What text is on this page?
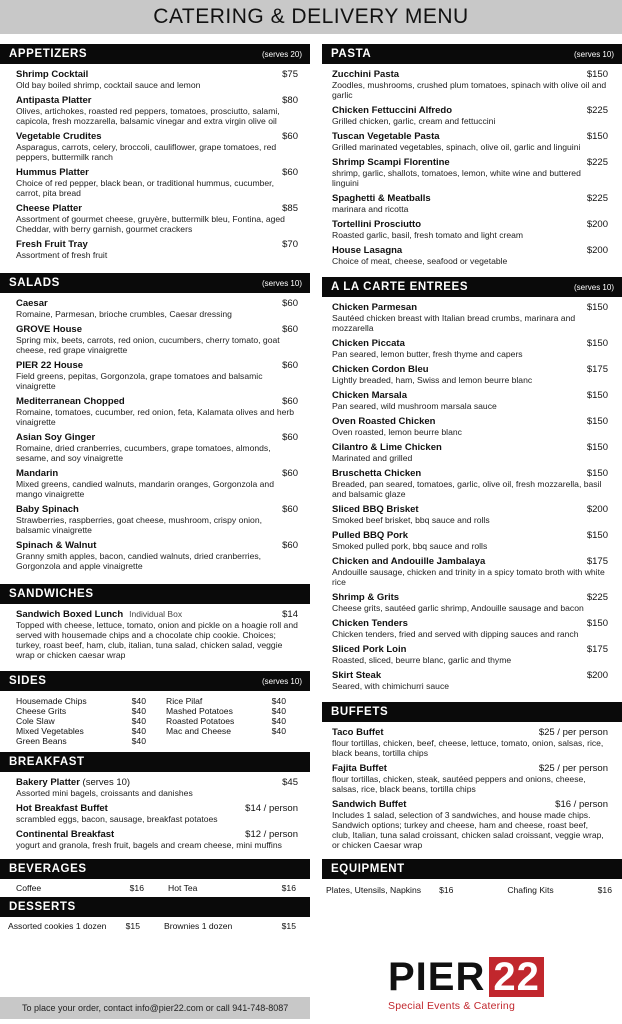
CATERING & DELIVERY MENU
APPETIZERS	(serves 20)
Shrimp Cocktail	$75
Old bay boiled shrimp, cocktail sauce and lemon
Antipasta Platter	$80
Olives, artichokes, roasted red peppers, tomatoes, prosciutto, salami, capicola, fresh mozzarella, balsamic vinegar and extra virgin olive oil
Vegetable Crudites	$60
Asparagus, carrots, celery, broccoli, cauliflower, grape tomatoes, red peppers, buttermilk ranch
Hummus Platter	$60
Choice of red pepper, black bean, or traditional hummus, cucumber, carrot, pita bread
Cheese Platter	$85
Assortment of gourmet cheese, gruyère, buttermilk bleu, Fontina, aged Cheddar, with berry garnish, gourmet crackers
Fresh Fruit Tray	$70
Assortment of fresh fruit
SALADS	(serves 10)
Caesar	$60
Romaine, Parmesan, brioche crumbles, Caesar dressing
GROVE House	$60
Spring mix, beets, carrots, red onion, cucumbers, cherry tomato, goat cheese, red grape vinaigrette
PIER 22 House	$60
Field greens, pepitas, Gorgonzola, grape tomatoes and balsamic vinaigrette
Mediterranean Chopped	$60
Romaine, tomatoes, cucumber, red onion, feta, Kalamata olives and herb vinaigrette
Asian Soy Ginger	$60
Romaine, dried cranberries, cucumbers, grape tomatoes, almonds, sesame, and soy vinaigrette
Mandarin	$60
Mixed greens, candied walnuts, mandarin oranges, Gorgonzola and mango vinaigrette
Baby Spinach	$60
Strawberries, raspberries, goat cheese, mushroom, crispy onion, balsamic vinaigrette
Spinach & Walnut	$60
Granny smith apples, bacon, candied walnuts, dried cranberries, Gorgonzola and apple vinaigrette
SANDWICHES
Sandwich Boxed Lunch Individual Box	$14
Topped with cheese, lettuce, tomato, onion and pickle on a hoagie roll and served with housemade chips and a chocolate chip cookie. Choices; turkey, roast beef, ham, club, italian, tuna salad, chicken salad, veggie wrap or chicken caesar wrap
SIDES	(serves 10)
Housemade Chips	$40
Cheese Grits	$40
Cole Slaw	$40
Mixed Vegetables	$40
Green Beans	$40
Rice Pilaf	$40
Mashed Potatoes	$40
Roasted Potatoes	$40
Mac and Cheese	$40
BREAKFAST
Bakery Platter (serves 10)	$45
Assorted mini bagels, croissants and danishes
Hot Breakfast Buffet	$14 / person
scrambled eggs, bacon, sausage, breakfast potatoes
Continental Breakfast	$12 / person
yogurt and granola, fresh fruit, bagels and cream cheese, mini muffins
BEVERAGES
Coffee	$16	Hot Tea	$16
DESSERTS
Assorted cookies 1 dozen $15	Brownies 1 dozen	$15
PASTA	(serves 10)
Zucchini Pasta	$150
Zoodles, mushrooms, crushed plum tomatoes, spinach with olive oil and garlic
Chicken Fettuccini Alfredo	$225
Grilled chicken, garlic, cream and fettuccini
Tuscan Vegetable Pasta	$150
Grilled marinated vegetables, spinach, olive oil, garlic and linguini
Shrimp Scampi Florentine	$225
shrimp, garlic, shallots, tomatoes, lemon, white wine and buttered linguini
Spaghetti & Meatballs	$225
marinara and ricotta
Tortellini Prosciutto	$200
Roasted garlic, basil, fresh tomato and light cream
House Lasagna	$200
Choice of meat, cheese, seafood or vegetable
A LA CARTE ENTREES	(serves 10)
Chicken Parmesan	$150
Sautéed chicken breast with Italian bread crumbs, marinara and mozzarella
Chicken Piccata	$150
Pan seared, lemon butter, fresh thyme and capers
Chicken Cordon Bleu	$175
Lightly breaded, ham, Swiss and lemon beurre blanc
Chicken Marsala	$150
Pan seared, wild mushroom marsala sauce
Oven Roasted Chicken	$150
Oven roasted, lemon beurre blanc
Cilantro & Lime Chicken	$150
Marinated and grilled
Bruschetta Chicken	$150
Breaded, pan seared, tomatoes, garlic, olive oil, fresh mozzarella, basil and balsamic glaze
Sliced BBQ Brisket	$200
Smoked beef brisket, bbq sauce and rolls
Pulled BBQ Pork	$150
Smoked pulled pork, bbq sauce and rolls
Chicken and Andouille Jambalaya	$175
Andouille sausage, chicken and trinity in a spicy tomato broth with white rice
Shrimp & Grits	$225
Cheese grits, sautéed garlic shrimp, Andouille sausage and bacon
Chicken Tenders	$150
Chicken tenders, fried and served with dipping sauces and ranch
Sliced Pork Loin	$175
Roasted, sliced, beurre blanc, garlic and thyme
Skirt Steak	$200
Seared, with chimichurri sauce
BUFFETS
Taco Buffet	$25 / per person
flour tortillas, chicken, beef, cheese, lettuce, tomato, onion, salsas, rice, black beans, tortilla chips
Fajita Buffet	$25 / per person
flour tortillas, chicken, steak, sautéed peppers and onions, cheese, salsas, rice, black beans, tortilla chips
Sandwich Buffet	$16 / person
Includes 1 salad, selection of 3 sandwiches, and house made chips. Sandwich options; turkey and cheese, ham and cheese, roast beef, club, Italian, tuna salad croissant, chicken salad croissant, veggie wrap, or chicken Caesar wrap
EQUIPMENT
Plates, Utensils, Napkins $16	Chafing Kits	$16
To place your order, contact info@pier22.com or call 941-748-8087
PIER 22
Special Events & Catering
